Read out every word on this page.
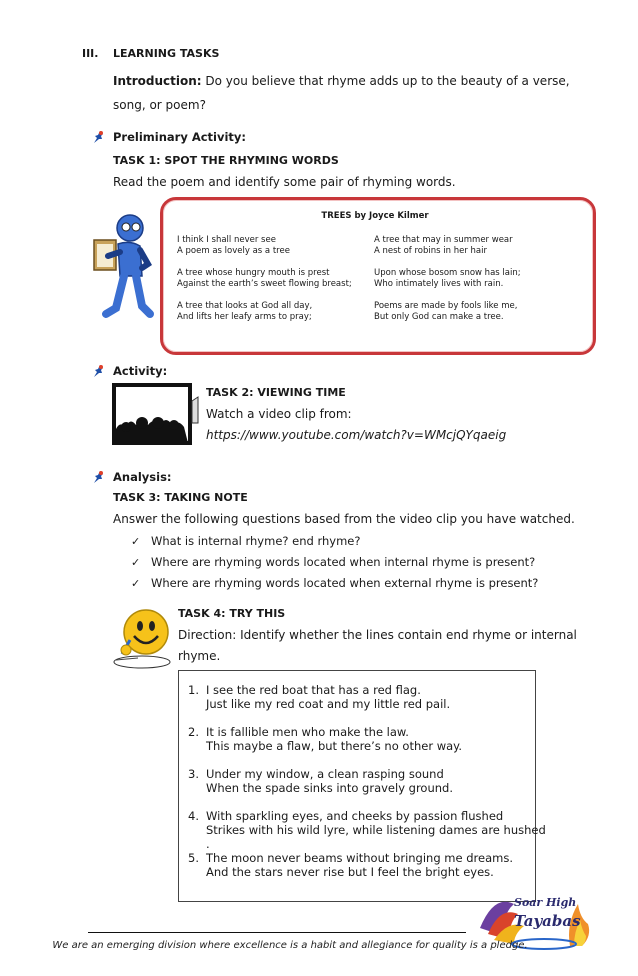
III. LEARNING TASKS
Introduction: Do you believe that rhyme adds up to the beauty of a verse, song, or poem?
Preliminary Activity:
TASK 1: SPOT THE RHYMING WORDS
Read the poem and identify some pair of rhyming words.
TREES by Joyce Kilmer
I think I shall never see
A poem as lovely as a tree
A tree whose hungry mouth is prest
Against the earth’s sweet flowing breast;
A tree that looks at God all day,
And lifts her leafy arms to pray;
A tree that may in summer wear
A nest of robins in her hair
Upon whose bosom snow has lain;
Who intimately lives with rain.
Poems are made by fools like me,
But only God can make a tree.
Activity:
TASK 2: VIEWING TIME
Watch a video clip from:
https://www.youtube.com/watch?v=WMcjQYqaeig
Analysis:
TASK 3: TAKING NOTE
Answer the following questions based from the video clip you have watched.
✓ What is internal rhyme? end rhyme?
✓ Where are rhyming words located when internal rhyme is present?
✓ Where are rhyming words located when external rhyme is present?
TASK 4: TRY THIS
Direction: Identify whether the lines contain end rhyme or internal
rhyme.
1. I see the red boat that has a red flag.
Just like my red coat and my little red pail.
2. It is fallible men who make the law.
This maybe a flaw, but there’s no other way.
3. Under my window, a clean rasping sound
When the spade sinks into gravely ground.
4. With sparkling eyes, and cheeks by passion flushed
Strikes with his wild lyre, while listening dames are hushed
.
5. The moon never beams without bringing me dreams.
And the stars never rise but I feel the bright eyes.
Soar High
Tayabas
We are an emerging division where excellence is a habit and allegiance for quality is a pledge.
